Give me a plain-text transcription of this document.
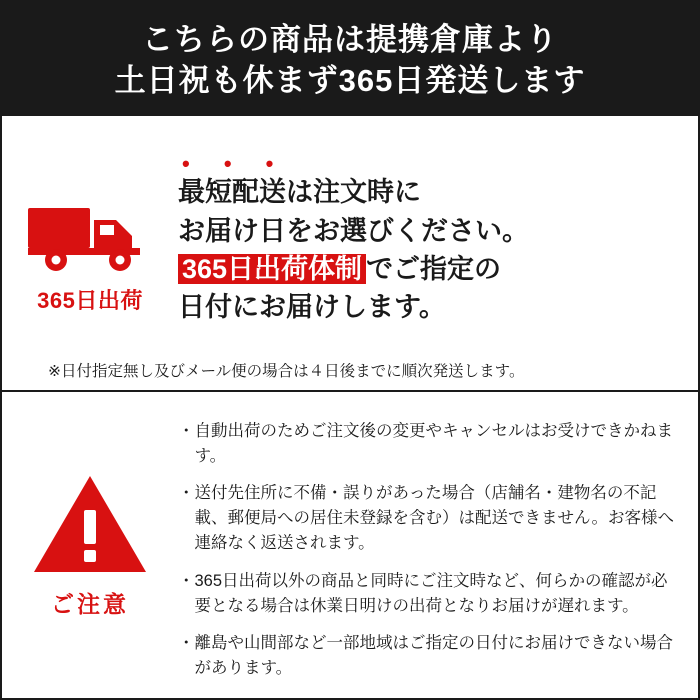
こちらの商品は提携倉庫より
土日祝も休まず365日発送します
365日出荷
• • •
最短配送は注文時に
お届け日をお選びください。
365日出荷体制 でご指定の
日付にお届けします。
※日付指定無し及びメール便の場合は４日後までに順次発送します。
ご注意
・ 自動出荷のためご注文後の変更やキャンセルはお受けできかねます。
・ 送付先住所に不備・誤りがあった場合（店舗名・建物名の不記載、郵便局への居住未登録を含む）は配送できません。お客様へ連絡なく返送されます。
・ 365日出荷以外の商品と同時にご注文時など、何らかの確認が必要となる場合は休業日明けの出荷となりお届けが遅れます。
・ 離島や山間部など一部地域はご指定の日付にお届けできない場合があります。
